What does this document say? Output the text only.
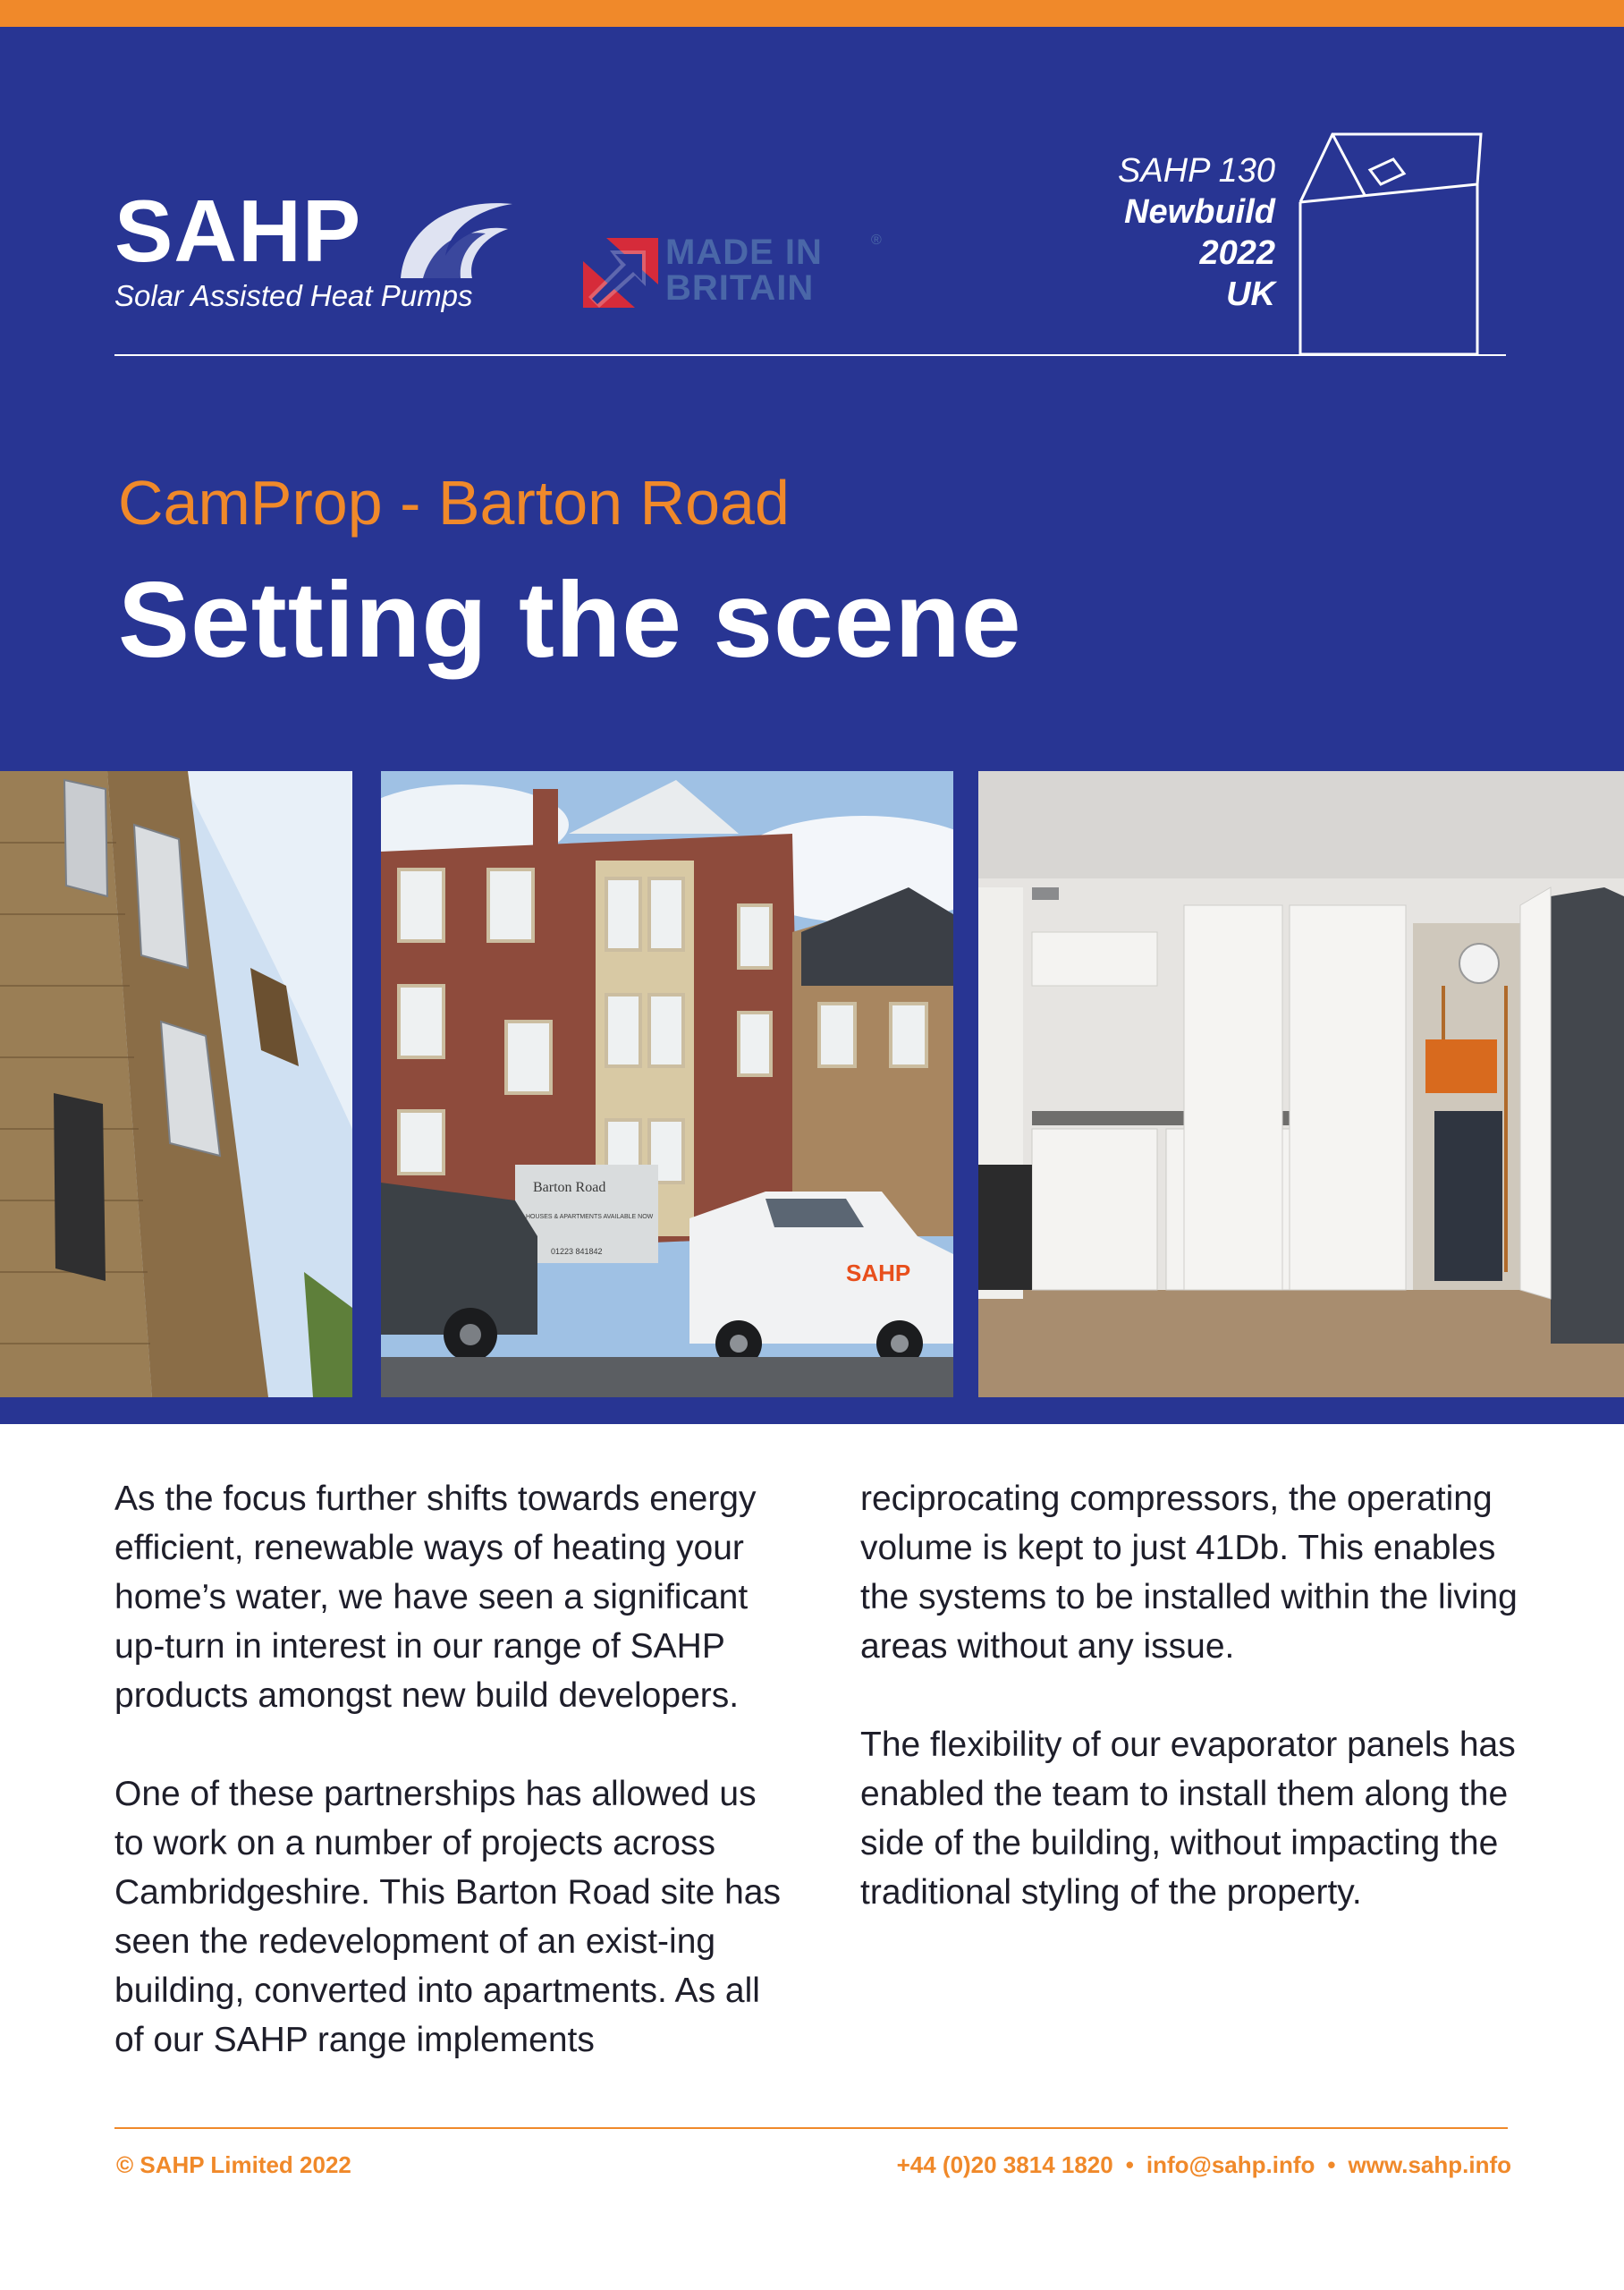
SAHP
Solar Assisted Heat Pumps
MADE IN
BRITAIN
®
SAHP 130
Newbuild
2022
UK
CamProp - Barton Road
Setting the scene
Barton Road
HOUSES & APARTMENTS AVAILABLE NOW
01223 841842
SAHP

As the focus further shifts towards energy efficient, renewable ways of heating your home’s water, we have seen a significant up-turn in interest in our range of SAHP products amongst new build developers.

One of these partnerships has allowed us to work on a number of projects across Cambridgeshire. This Barton Road site has seen the redevelopment of an exist-ing building, converted into apartments. As all of our SAHP range implements

reciprocating compressors, the operating volume is kept to just 41Db. This enables the systems to be installed within the living areas without any issue.

The flexibility of our evaporator panels has enabled the team to install them along the side of the building, without impacting the traditional styling of the property.

© SAHP Limited 2022	+44 (0)20 3814 1820 • info@sahp.info • www.sahp.info
